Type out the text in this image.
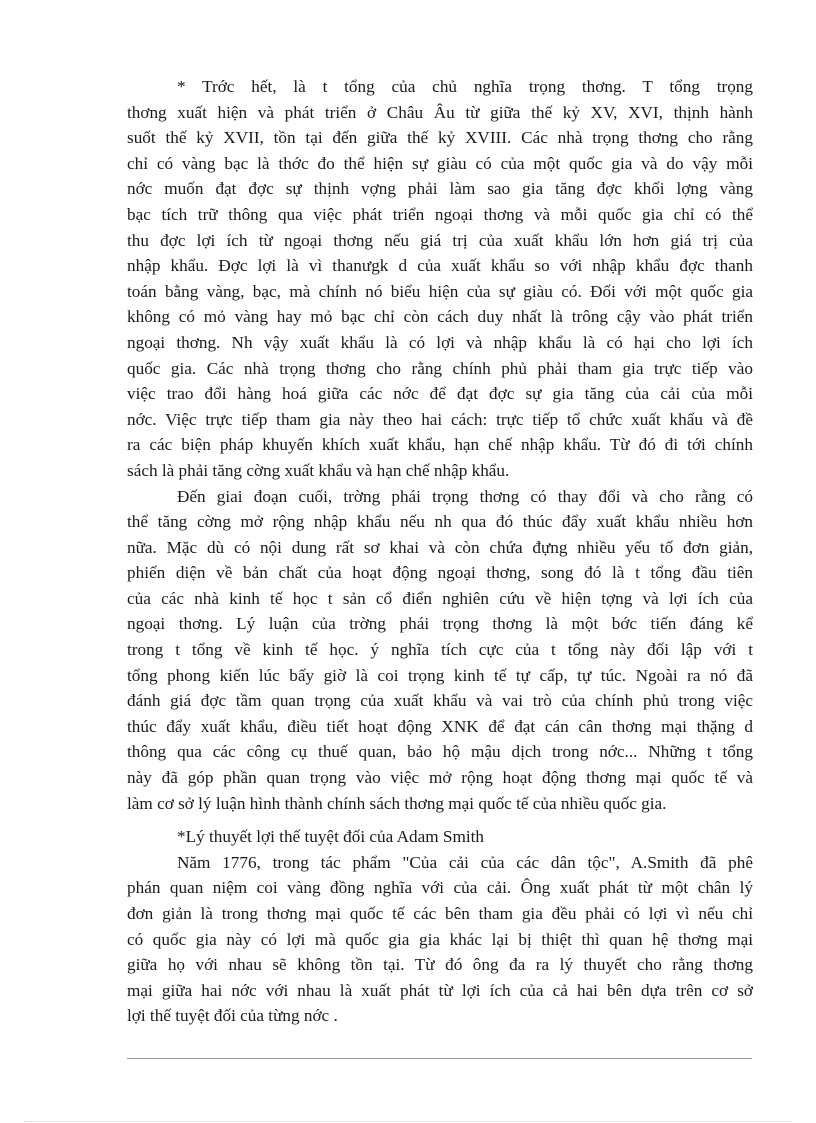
* Trớc hết, là t tổng của chủ nghĩa trọng thơng. T tổng trọng
thơng xuất hiện và phát triển ở Châu Âu từ giữa thế kỷ XV, XVI, thịnh hành
suốt thế kỷ XVII, tồn tại đến giữa thế kỷ XVIII. Các nhà trọng thơng cho rằng
chỉ có vàng bạc là thớc đo thể hiện sự giàu có của một quốc gia và do vậy mỗi
nớc muốn đạt đợc sự thịnh vợng phải làm sao gia tăng đợc khối lợng vàng
bạc tích trữ thông qua việc phát triển ngoại thơng và mỗi quốc gia chỉ có thể
thu đợc lợi ích từ ngoại thơng nếu giá trị của xuất khẩu lớn hơn giá trị của
nhập khẩu. Đợc lợi là vì thanưgk d của xuất khẩu so với nhập khẩu đợc thanh
toán bằng vàng, bạc, mà chính nó biểu hiện của sự giàu có. Đối với một quốc gia
không có mỏ vàng hay mỏ bạc chỉ còn cách duy nhất là trông cậy vào phát triển
ngoại thơng. Nh vậy xuất khẩu là có lợi và nhập khẩu là có hại cho lợi ích
quốc gia. Các nhà trọng thơng cho rằng chính phủ phải tham gia trực tiếp vào
việc trao đổi hàng hoá giữa các nớc để đạt đợc sự gia tăng của cải của mỗi
nớc. Việc trực tiếp tham gia này theo hai cách: trực tiếp tổ chức xuất khẩu và đề
ra các biện pháp khuyến khích xuất khẩu, hạn chế nhập khẩu. Từ đó đi tới chính
sách là phải tăng cờng xuất khẩu và hạn chế nhập khẩu.
Đến giai đoạn cuối, trờng phái trọng thơng có thay đổi và cho rằng có
thể tăng cờng mở rộng nhập khẩu nếu nh qua đó thúc đẩy xuất khẩu nhiều hơn
nữa. Mặc dù có nội dung rất sơ khai và còn chứa đựng nhiều yếu tố đơn giản,
phiến diện về bản chất của hoạt động ngoại thơng, song đó là t tổng đầu tiên
của các nhà kinh tế học t sản cổ điển nghiên cứu về hiện tợng và lợi ích của
ngoại thơng. Lý luận của trờng phái trọng thơng là một bớc tiến đáng kể
trong t tổng về kinh tế học. ý nghĩa tích cực của t tổng này đối lập với t
tổng phong kiến lúc bấy giờ là coi trọng kinh tế tự cấp, tự túc. Ngoài ra nó đã
đánh giá đợc tầm quan trọng của xuất khẩu và vai trò của chính phủ trong việc
thúc đẩy xuất khẩu, điều tiết hoạt động XNK để đạt cán cân thơng mại thặng d
thông qua các công cụ thuế quan, bảo hộ mậu dịch trong nớc... Những t tổng
này đã góp phần quan trọng vào việc mở rộng hoạt động thơng mại quốc tế và
làm cơ sở lý luận hình thành chính sách thơng mại quốc tế của nhiều quốc gia.
*Lý thuyết lợi thế tuyệt đối của Adam Smith
Năm 1776, trong tác phẩm "Của cải của các dân tộc", A.Smith đã phê
phán quan niệm coi vàng đồng nghĩa với của cải. Ông xuất phát từ một chân lý
đơn giản là trong thơng mại quốc tế các bên tham gia đều phải có lợi vì nếu chỉ
có quốc gia này có lợi mà quốc gia gia khác lại bị thiệt thì quan hệ thơng mại
giữa họ với nhau sẽ không tồn tại. Từ đó ông đa ra lý thuyết cho rằng thơng
mại giữa hai nớc với nhau là xuất phát từ lợi ích của cả hai bên dựa trên cơ sở
lợi thế tuyệt đối của từng nớc .
